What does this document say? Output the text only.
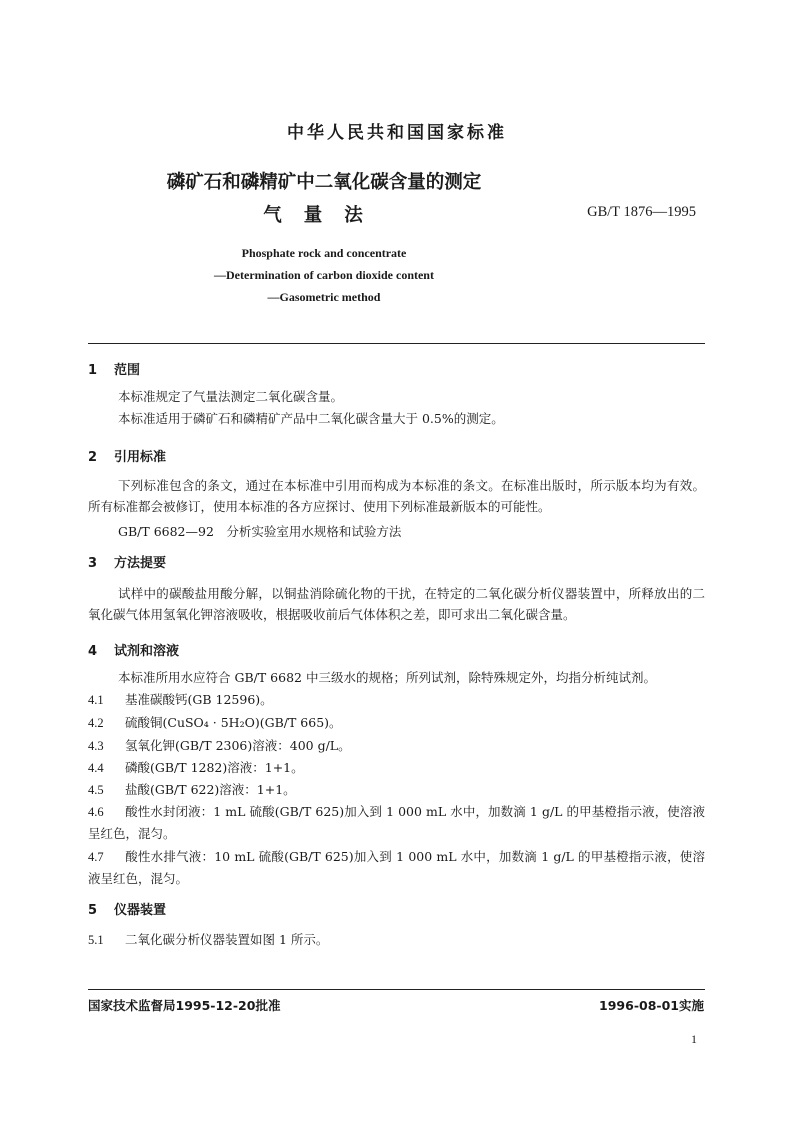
中华人民共和国国家标准
磷矿石和磷精矿中二氧化碳含量的测定
气量法	GB/T 1876—1995
Phosphate rock and concentrate
—Determination of carbon dioxide content
—Gasometric method
1 范围
本标准规定了气量法测定二氧化碳含量。
本标准适用于磷矿石和磷精矿产品中二氧化碳含量大于 0.5%的测定。
2 引用标准
下列标准包含的条文，通过在本标准中引用而构成为本标准的条文。在标准出版时，所示版本均为有效。所有标准都会被修订，使用本标准的各方应探讨、使用下列标准最新版本的可能性。
GB/T 6682—92　分析实验室用水规格和试验方法
3 方法提要
试样中的碳酸盐用酸分解，以铜盐消除硫化物的干扰，在特定的二氧化碳分析仪器装置中，所释放出的二氧化碳气体用氢氧化钾溶液吸收，根据吸收前后气体体积之差，即可求出二氧化碳含量。
4 试剂和溶液
本标准所用水应符合 GB/T 6682 中三级水的规格；所列试剂，除特殊规定外，均指分析纯试剂。
4.1 基准碳酸钙(GB 12596)。
4.2 硫酸铜(CuSO₄ · 5H₂O)(GB/T 665)。
4.3 氢氧化钾(GB/T 2306)溶液：400 g/L。
4.4 磷酸(GB/T 1282)溶液：1+1。
4.5 盐酸(GB/T 622)溶液：1+1。
4.6 酸性水封闭液：1 mL 硫酸(GB/T 625)加入到 1 000 mL 水中，加数滴 1 g/L 的甲基橙指示液，使溶液呈红色，混匀。
4.7 酸性水排气液：10 mL 硫酸(GB/T 625)加入到 1 000 mL 水中，加数滴 1 g/L 的甲基橙指示液，使溶液呈红色，混匀。
5 仪器装置
5.1 二氧化碳分析仪器装置如图 1 所示。
国家技术监督局1995-12-20批准	1996-08-01实施
1
